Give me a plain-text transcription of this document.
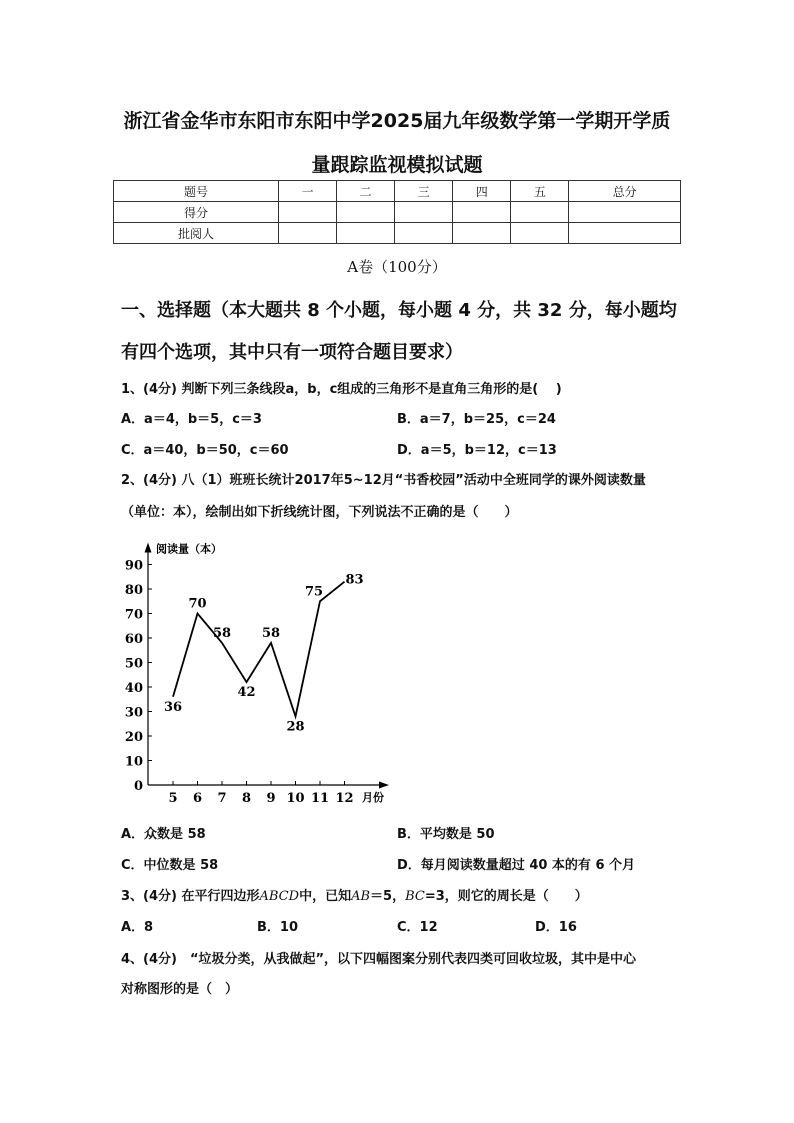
浙江省金华市东阳市东阳中学2025届九年级数学第一学期开学质
量跟踪监视模拟试题
题号	一	二	三	四	五	总分
得分						
批阅人						
A卷（100分）
一、选择题（本大题共 8 个小题，每小题 4 分，共 32 分，每小题均
有四个选项，其中只有一项符合题目要求）
1、(4分) 判断下列三条线段a，b，c组成的三角形不是直角三角形的是(　 )
A．a＝4，b＝5，c＝3	B．a＝7，b＝25，c＝24
C．a＝40，b＝50，c＝60	D．a＝5，b＝12，c＝13
2、(4分) 八（1）班班长统计2017年5~12月“书香校园”活动中全班同学的课外阅读数量
（单位：本），绘制出如下折线统计图，下列说法不正确的是（　　）
阅读量（本）
月份
0
10
20
30
40
50
60
70
80
90
5 6 7 8 9 10 11 12
36
70
58
42
58
28
75
83
A．众数是 58	B．平均数是 50
C．中位数是 58	D．每月阅读数量超过 40 本的有 6 个月
3、(4分) 在平行四边形ABCD中，已知AB＝5，BC=3，则它的周长是（　　）
A．8	B．10	C．12	D．16
4、(4分)　“垃圾分类，从我做起”，以下四幅图案分别代表四类可回收垃圾，其中是中心
对称图形的是（　）
